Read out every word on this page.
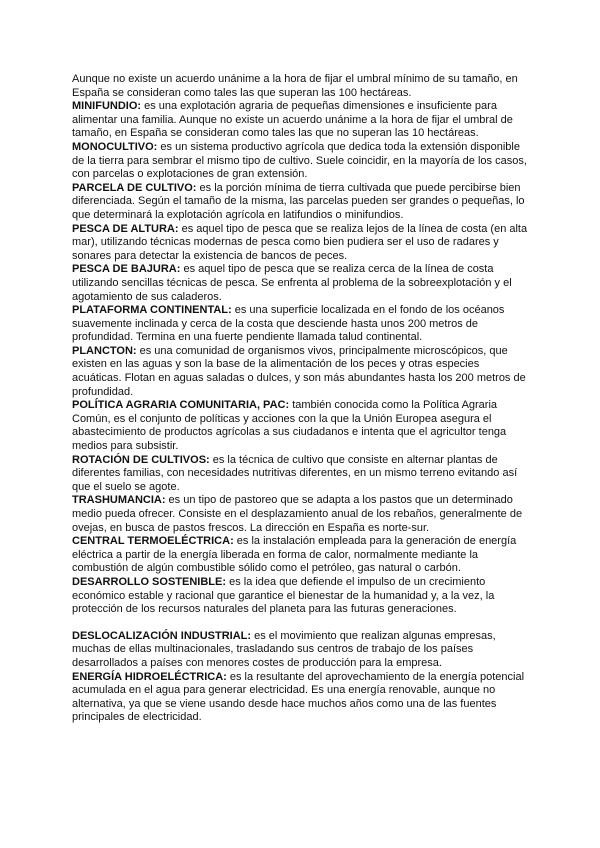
Aunque no existe un acuerdo unánime a la hora de fijar el umbral mínimo de su tamaño, en España se consideran como tales las que superan las 100 hectáreas.

MINIFUNDIO: es una explotación agraria de pequeñas dimensiones e insuficiente para alimentar una familia. Aunque no existe un acuerdo unánime a la hora de fijar el umbral de tamaño, en España se consideran como tales las que no superan las 10 hectáreas.

MONOCULTIVO: es un sistema productivo agrícola que dedica toda la extensión disponible de la tierra para sembrar el mismo tipo de cultivo. Suele coincidir, en la mayoría de los casos, con parcelas o explotaciones de gran extensión.

PARCELA DE CULTIVO: es la porción mínima de tierra cultivada que puede percibirse bien diferenciada. Según el tamaño de la misma, las parcelas pueden ser grandes o pequeñas, lo que determinará la explotación agrícola en latifundios o minifundios.

PESCA DE ALTURA: es aquel tipo de pesca que se realiza lejos de la línea de costa (en alta mar), utilizando técnicas modernas de pesca como bien pudiera ser el uso de radares y sonares para detectar la existencia de bancos de peces.

PESCA DE BAJURA: es aquel tipo de pesca que se realiza cerca de la línea de costa utilizando sencillas técnicas de pesca. Se enfrenta al problema de la sobreexplotación y el agotamiento de sus caladeros.

PLATAFORMA CONTINENTAL: es una superficie localizada en el fondo de los océanos suavemente inclinada y cerca de la costa que desciende hasta unos 200 metros de profundidad. Termina en una fuerte pendiente llamada talud continental.

PLANCTON: es una comunidad de organismos vivos, principalmente microscópicos, que existen en las aguas y son la base de la alimentación de los peces y otras especies acuáticas. Flotan en aguas saladas o dulces, y son más abundantes hasta los 200 metros de profundidad.

POLÍTICA AGRARIA COMUNITARIA, PAC: también conocida como la Política Agraria Común, es el conjunto de políticas y acciones con la que la Unión Europea asegura el abastecimiento de productos agrícolas a sus ciudadanos e intenta que el agricultor tenga medios para subsistir.

ROTACIÓN DE CULTIVOS: es la técnica de cultivo que consiste en alternar plantas de diferentes familias, con necesidades nutritivas diferentes, en un mismo terreno evitando así que el suelo se agote.

TRASHUMANCIA: es un tipo de pastoreo que se adapta a los pastos que un determinado medio pueda ofrecer. Consiste en el desplazamiento anual de los rebaños, generalmente de ovejas, en busca de pastos frescos. La dirección en España es norte-sur.

CENTRAL TERMOELÉCTRICA: es la instalación empleada para la generación de energía eléctrica a partir de la energía liberada en forma de calor, normalmente mediante la combustión de algún combustible sólido como el petróleo, gas natural o carbón.

DESARROLLO SOSTENIBLE: es la idea que defiende el impulso de un crecimiento económico estable y racional que garantice el bienestar de la humanidad y, a la vez, la protección de los recursos naturales del planeta para las futuras generaciones.

DESLOCALIZACIÓN INDUSTRIAL: es el movimiento que realizan algunas empresas, muchas de ellas multinacionales, trasladando sus centros de trabajo de los países desarrollados a países con menores costes de producción para la empresa.

ENERGÍA HIDROELÉCTRICA: es la resultante del aprovechamiento de la energía potencial acumulada en el agua para generar electricidad. Es una energía renovable, aunque no alternativa, ya que se viene usando desde hace muchos años como una de las fuentes principales de electricidad.
